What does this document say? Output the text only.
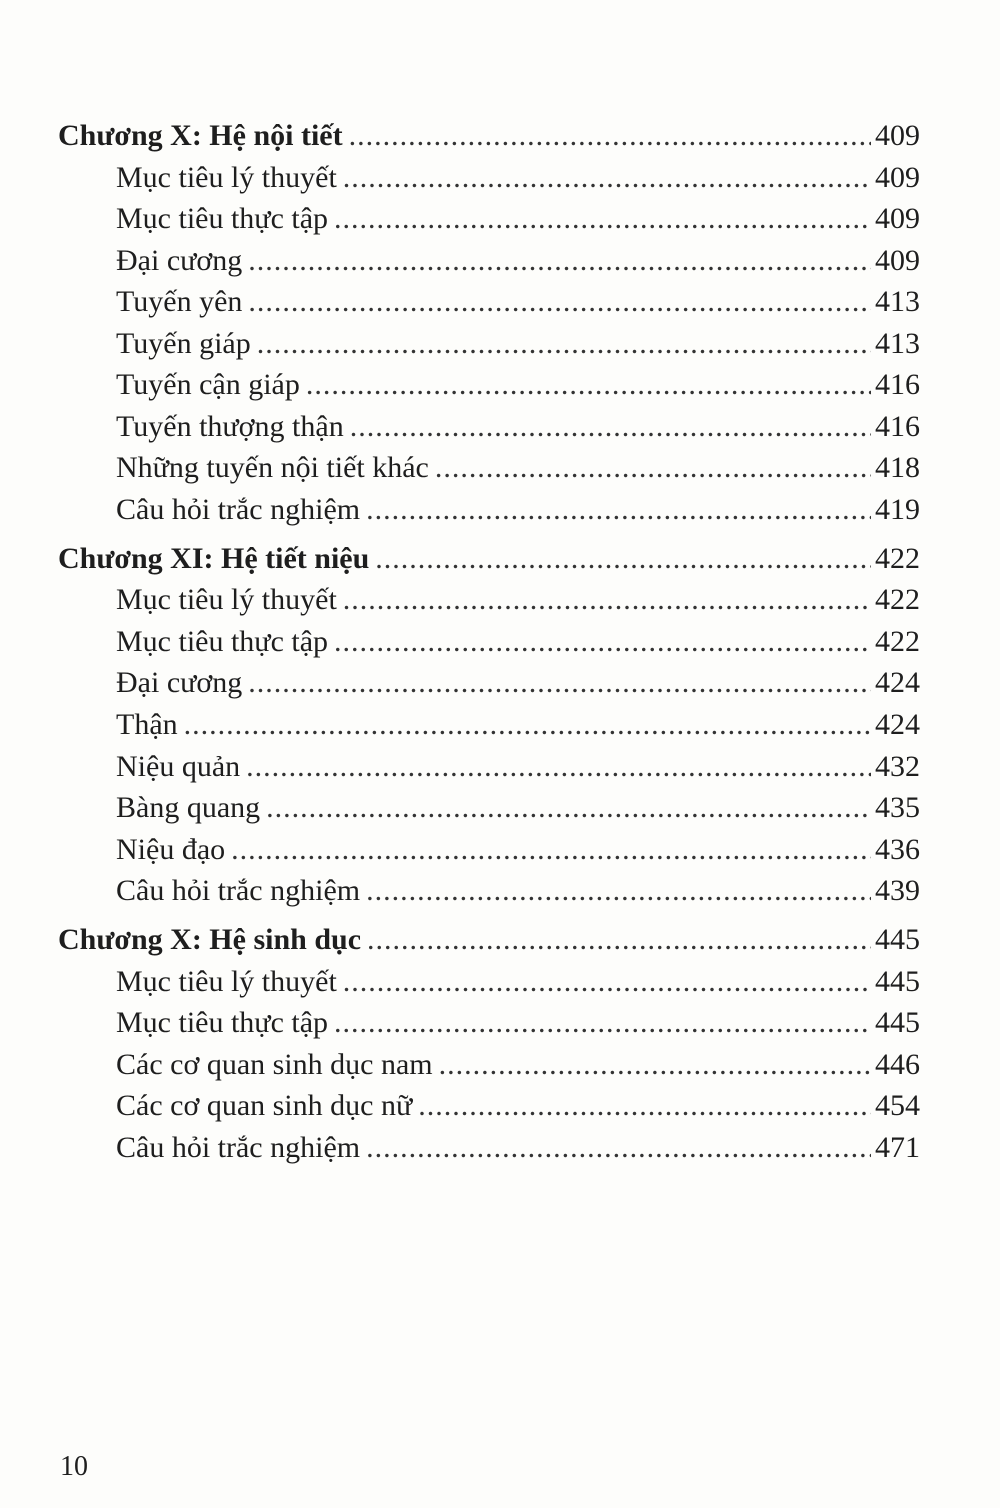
Chương X: Hệ nội tiết .....	409
Mục tiêu lý thuyết .....	409
Mục tiêu thực tập .....	409
Đại cương .....	409
Tuyến yên .....	413
Tuyến giáp .....	413
Tuyến cận giáp .....	416
Tuyến thượng thận .....	416
Những tuyến nội tiết khác .....	418
Câu hỏi trắc nghiệm .....	419
Chương XI: Hệ tiết niệu .....	422
Mục tiêu lý thuyết .....	422
Mục tiêu thực tập .....	422
Đại cương .....	424
Thận .....	424
Niệu quản .....	432
Bàng quang .....	435
Niệu đạo .....	436
Câu hỏi trắc nghiệm .....	439
Chương X: Hệ sinh dục .....	445
Mục tiêu lý thuyết .....	445
Mục tiêu thực tập .....	445
Các cơ quan sinh dục nam .....	446
Các cơ quan sinh dục nữ .....	454
Câu hỏi trắc nghiệm .....	471
10
